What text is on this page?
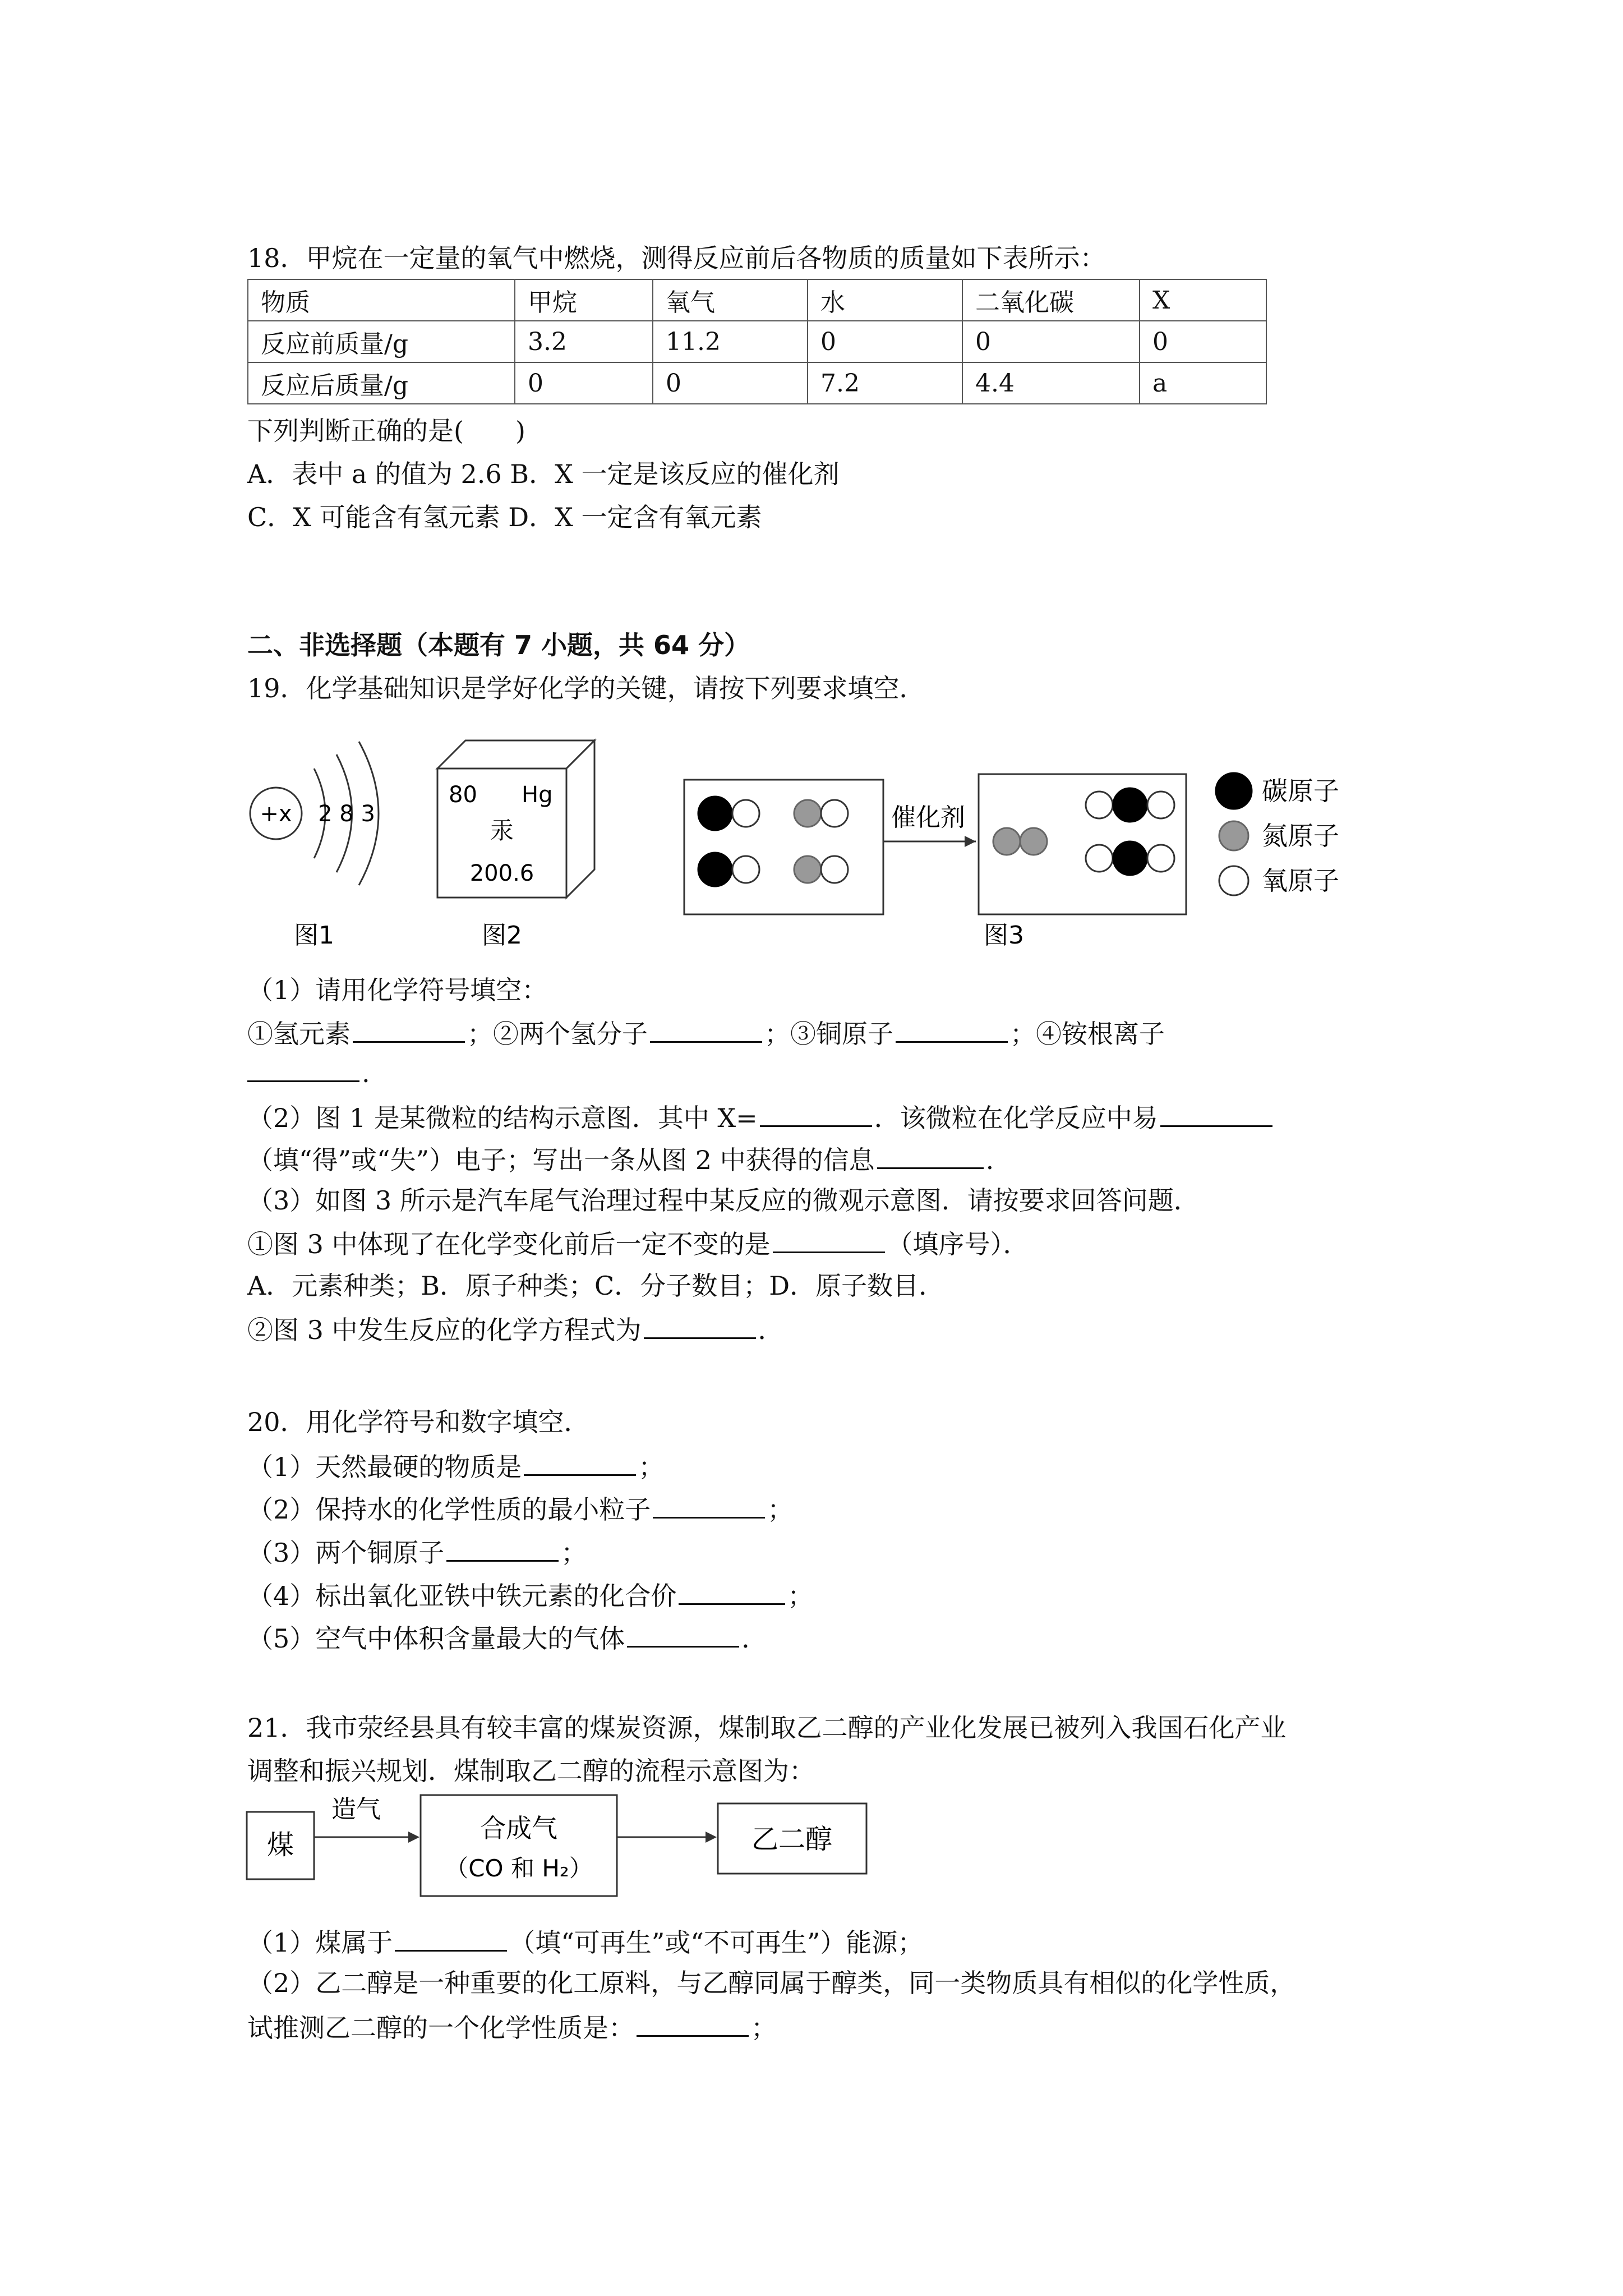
18．甲烷在一定量的氧气中燃烧，测得反应前后各物质的质量如下表所示：
物质	甲烷	氧气	水	二氧化碳	X
反应前质量/g	3.2	11.2	0	0	0
反应后质量/g	0	0	7.2	4.4	a
下列判断正确的是(　　)
A．表中 a 的值为 2.6 B．X 一定是该反应的催化剂
C．X 可能含有氢元素 D．X 一定含有氧元素
二、非选择题（本题有 7 小题，共 64 分）
19．化学基础知识是学好化学的关键，请按下列要求填空．
+x 2 8 3
图1
80 Hg
汞
200.6
图2
催化剂
碳原子
氮原子
氧原子
图3
（1）请用化学符号填空：
①氢元素	；②两个氢分子	；③铜原子	；④铵根离子
.
（2）图 1 是某微粒的结构示意图．其中 X=	．该微粒在化学反应中易
（填“得”或“失”）电子；写出一条从图 2 中获得的信息	.
（3）如图 3 所示是汽车尾气治理过程中某反应的微观示意图．请按要求回答问题．
①图 3 中体现了在化学变化前后一定不变的是	（填序号）．
A．元素种类；B．原子种类；C．分子数目；D．原子数目．
②图 3 中发生反应的化学方程式为	．
20．用化学符号和数字填空．
（1）天然最硬的物质是	；
（2）保持水的化学性质的最小粒子	；
（3）两个铜原子	；
（4）标出氧化亚铁中铁元素的化合价	；
（5）空气中体积含量最大的气体	．
21．我市荥经县具有较丰富的煤炭资源，煤制取乙二醇的产业化发展已被列入我国石化产业
调整和振兴规划．煤制取乙二醇的流程示意图为：
煤
造气
合成气
（CO 和 H₂）
乙二醇
（1）煤属于	（填“可再生”或“不可再生”）能源；
（2）乙二醇是一种重要的化工原料，与乙醇同属于醇类，同一类物质具有相似的化学性质，
试推测乙二醇的一个化学性质是：	；
